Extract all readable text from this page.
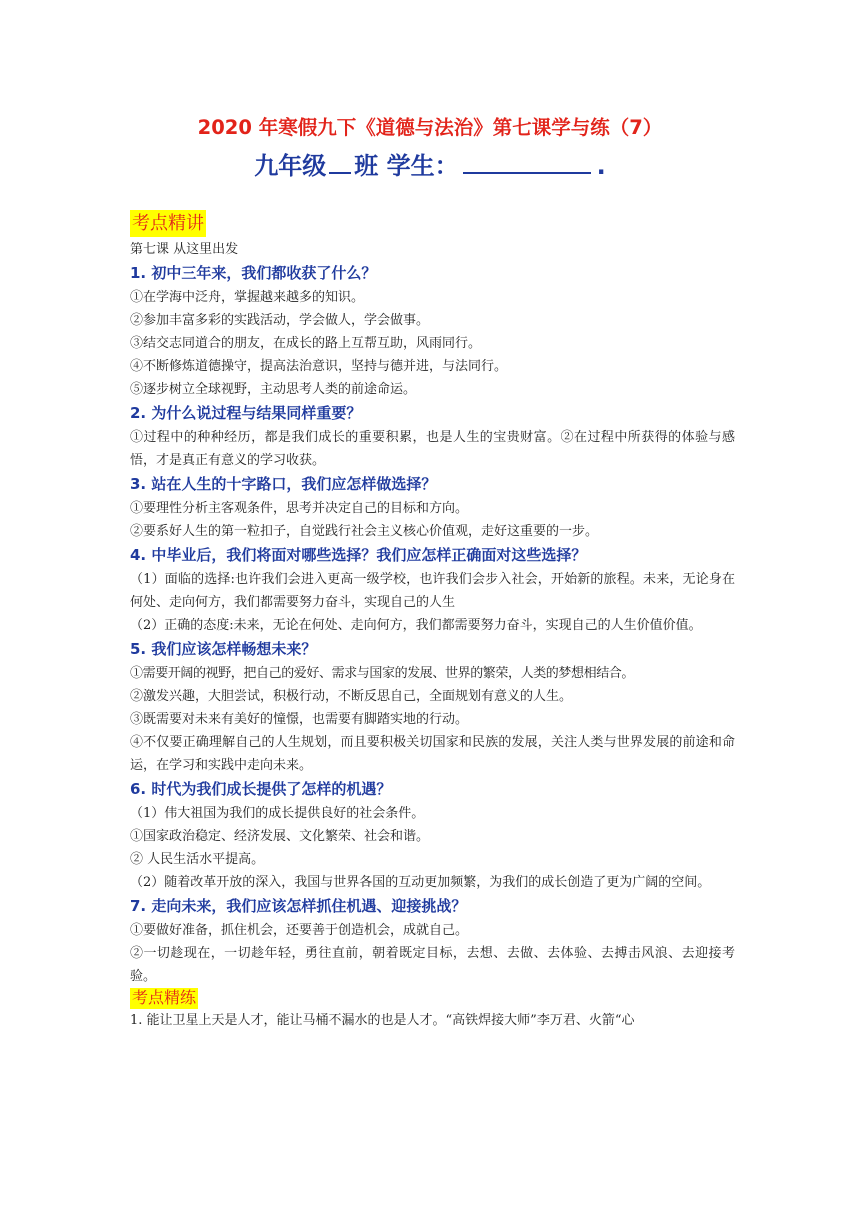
2020 年寒假九下《道德与法治》第七课学与练（7）
九年级 班 学生：	.
考点精讲
第七课 从这里出发
1. 初中三年来，我们都收获了什么？
①在学海中泛舟，掌握越来越多的知识。
②参加丰富多彩的实践活动，学会做人，学会做事。
③结交志同道合的朋友，在成长的路上互帮互助，风雨同行。
④不断修炼道德操守，提高法治意识，坚持与德并进，与法同行。
⑤逐步树立全球视野，主动思考人类的前途命运。
2. 为什么说过程与结果同样重要？
①过程中的种种经历，都是我们成长的重要积累，也是人生的宝贵财富。②在过程中所获得的体验与感悟，才是真正有意义的学习收获。
3. 站在人生的十字路口，我们应怎样做选择？
①要理性分析主客观条件，思考并决定自己的目标和方向。
②要系好人生的第一粒扣子，自觉践行社会主义核心价值观，走好这重要的一步。
4. 中毕业后，我们将面对哪些选择？我们应怎样正确面对这些选择？
（1）面临的选择:也许我们会进入更高一级学校，也许我们会步入社会，开始新的旅程。未来，无论身在何处、走向何方，我们都需要努力奋斗，实现自己的人生
（2）正确的态度:未来，无论在何处、走向何方，我们都需要努力奋斗，实现自己的人生价值价值。
5. 我们应该怎样畅想未来？
①需要开阔的视野，把自己的爱好、需求与国家的发展、世界的繁荣，人类的梦想相结合。
②激发兴趣，大胆尝试，积极行动，不断反思自己，全面规划有意义的人生。
③既需要对未来有美好的憧憬，也需要有脚踏实地的行动。
④不仅要正确理解自己的人生规划，而且要积极关切国家和民族的发展，关注人类与世界发展的前途和命运，在学习和实践中走向未来。
6. 时代为我们成长提供了怎样的机遇？
（1）伟大祖国为我们的成长提供良好的社会条件。
①国家政治稳定、经济发展、文化繁荣、社会和谐。
② 人民生活水平提高。
（2）随着改革开放的深入，我国与世界各国的互动更加频繁，为我们的成长创造了更为广阔的空间。
7. 走向未来，我们应该怎样抓住机遇、迎接挑战？
①要做好准备，抓住机会，还要善于创造机会，成就自己。
②一切趁现在，一切趁年轻，勇往直前，朝着既定目标，去想、去做、去体验、去搏击风浪、去迎接考验。
考点精练
1. 能让卫星上天是人才，能让马桶不漏水的也是人才。“高铁焊接大师”李万君、火箭“心
